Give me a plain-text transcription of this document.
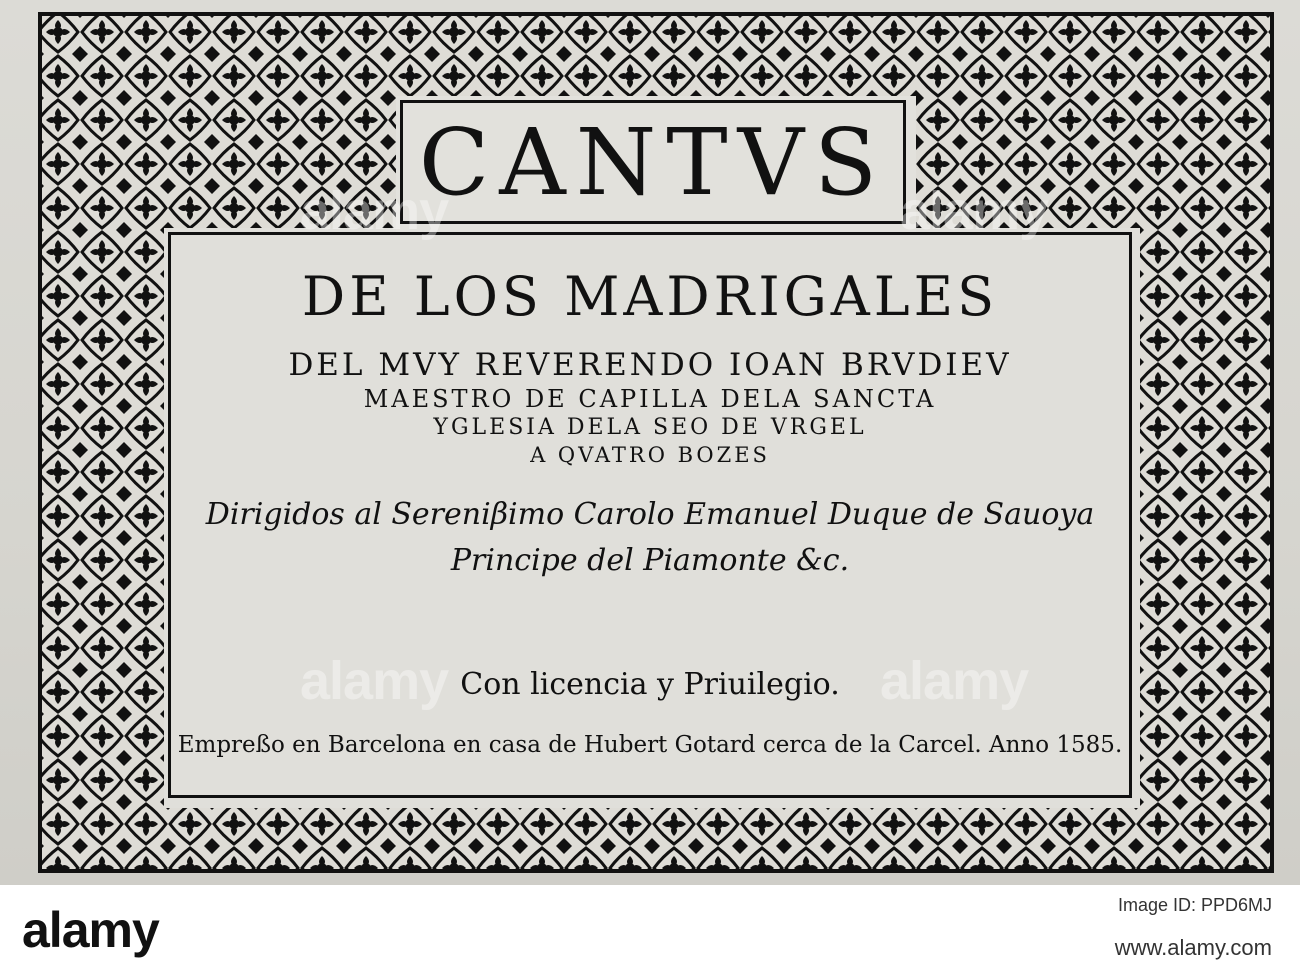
CANTVS
DE LOS MADRIGALES
DEL MVY REVERENDO IOAN BRVDIEV
MAESTRO DE CAPILLA DELA SANCTA
YGLESIA DELA SEO DE VRGEL
A QVATRO BOZES
Dirigidos al Sereniβimo Carolo Emanuel Duque de Sauoya
Principe del Piamonte &c.
Con licencia y Priuilegio.
Empreßo en Barcelona en casa de Hubert Gotard cerca de la Carcel. Anno 1585.
alamy	alamy
alamy	alamy
alamy	Image ID: PPD6MJ
www.alamy.com
